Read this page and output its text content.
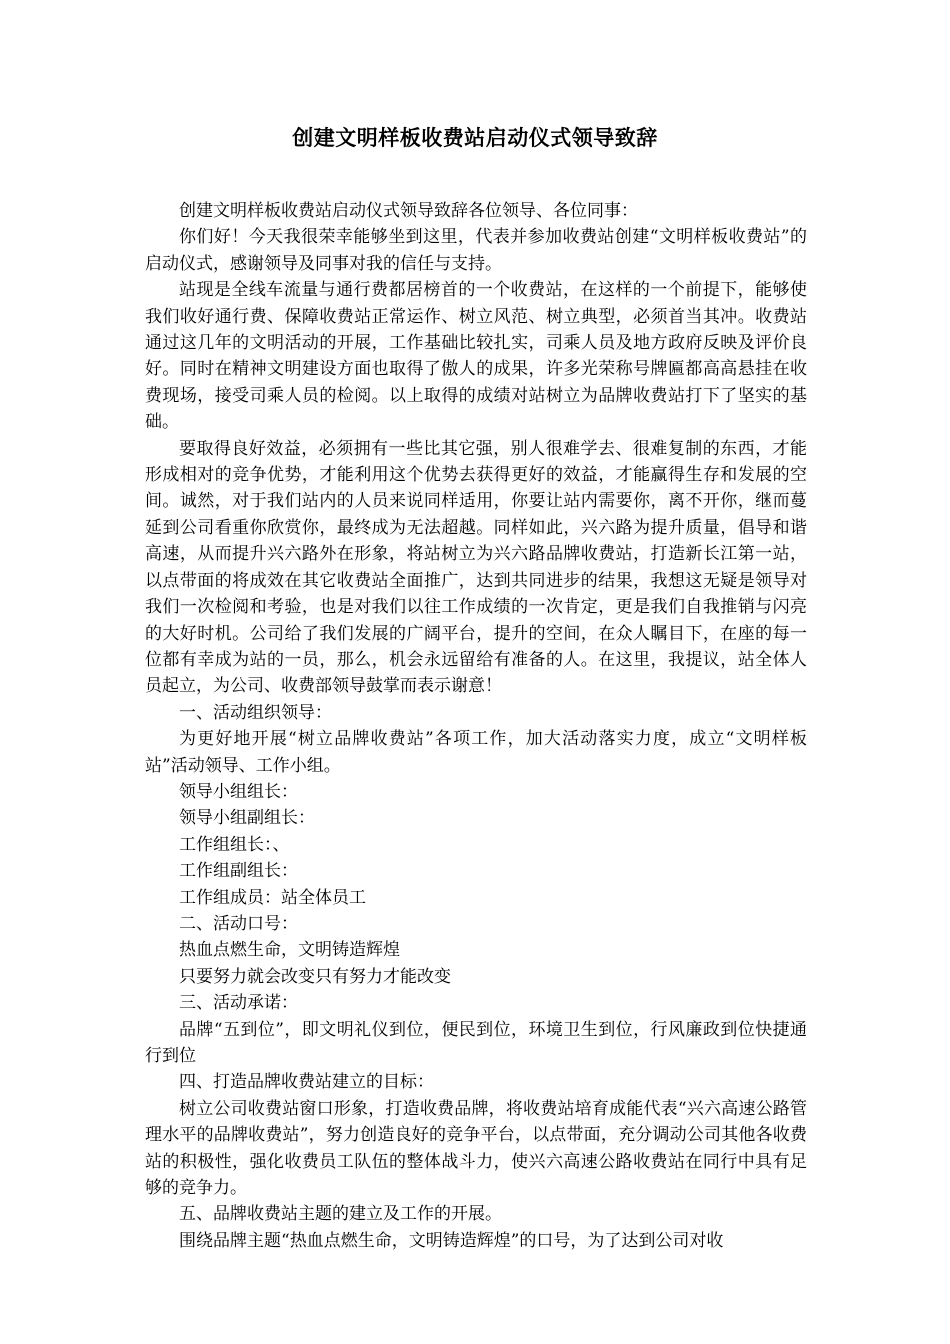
创建文明样板收费站启动仪式领导致辞

创建文明样板收费站启动仪式领导致辞各位领导、各位同事：

你们好！今天我很荣幸能够坐到这里，代表并参加收费站创建“文明样板收费站”的启动仪式，感谢领导及同事对我的信任与支持。

站现是全线车流量与通行费都居榜首的一个收费站，在这样的一个前提下，能够使我们收好通行费、保障收费站正常运作、树立风范、树立典型，必须首当其冲。收费站通过这几年的文明活动的开展，工作基础比较扎实，司乘人员及地方政府反映及评价良好。同时在精神文明建设方面也取得了傲人的成果，许多光荣称号牌匾都高高悬挂在收费现场，接受司乘人员的检阅。以上取得的成绩对站树立为品牌收费站打下了坚实的基础。

要取得良好效益，必须拥有一些比其它强，别人很难学去、很难复制的东西，才能形成相对的竞争优势，才能利用这个优势去获得更好的效益，才能赢得生存和发展的空间。诚然，对于我们站内的人员来说同样适用，你要让站内需要你，离不开你，继而蔓延到公司看重你欣赏你，最终成为无法超越。同样如此，兴六路为提升质量，倡导和谐高速，从而提升兴六路外在形象，将站树立为兴六路品牌收费站，打造新长江第一站，以点带面的将成效在其它收费站全面推广，达到共同进步的结果，我想这无疑是领导对我们一次检阅和考验，也是对我们以往工作成绩的一次肯定，更是我们自我推销与闪亮的大好时机。公司给了我们发展的广阔平台，提升的空间，在众人瞩目下，在座的每一位都有幸成为站的一员，那么，机会永远留给有准备的人。在这里，我提议，站全体人员起立，为公司、收费部领导鼓掌而表示谢意！

一、活动组织领导：

为更好地开展“树立品牌收费站”各项工作，加大活动落实力度，成立“文明样板站”活动领导、工作小组。

领导小组组长：

领导小组副组长：

工作组组长：、

工作组副组长：

工作组成员：站全体员工

二、活动口号：

热血点燃生命，文明铸造辉煌

只要努力就会改变只有努力才能改变

三、活动承诺：

品牌“五到位”，即文明礼仪到位，便民到位，环境卫生到位，行风廉政到位快捷通行到位

四、打造品牌收费站建立的目标：

树立公司收费站窗口形象，打造收费品牌，将收费站培育成能代表“兴六高速公路管理水平的品牌收费站”，努力创造良好的竞争平台，以点带面，充分调动公司其他各收费站的积极性，强化收费员工队伍的整体战斗力，使兴六高速公路收费站在同行中具有足够的竞争力。

五、品牌收费站主题的建立及工作的开展。

围绕品牌主题“热血点燃生命，文明铸造辉煌”的口号，为了达到公司对收
